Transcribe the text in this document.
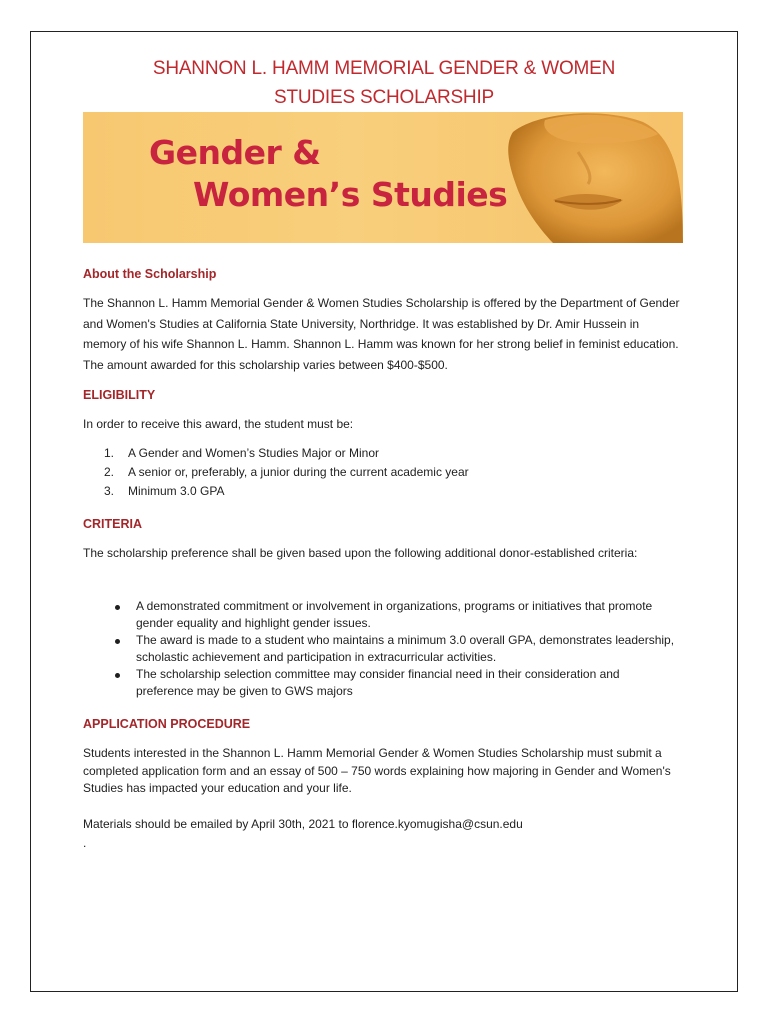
SHANNON L. HAMM MEMORIAL GENDER & WOMEN
STUDIES SCHOLARSHIP
Gender &
Women’s Studies
About the Scholarship
The Shannon L. Hamm Memorial Gender & Women Studies Scholarship is offered by the Department of Gender and Women's Studies at California State University, Northridge. It was established by Dr. Amir Hussein in memory of his wife Shannon L. Hamm. Shannon L. Hamm was known for her strong belief in feminist education. The amount awarded for this scholarship varies between $400-$500.
ELIGIBILITY
In order to receive this award, the student must be:
1.	A Gender and Women’s Studies Major or Minor
2.	A senior or, preferably, a junior during the current academic year
3.	Minimum 3.0 GPA
CRITERIA
The scholarship preference shall be given based upon the following additional donor-established criteria:
A demonstrated commitment or involvement in organizations, programs or initiatives that promote gender equality and highlight gender issues.
The award is made to a student who maintains a minimum 3.0 overall GPA, demonstrates leadership, scholastic achievement and participation in extracurricular activities.
The scholarship selection committee may consider financial need in their consideration and preference may be given to GWS majors
APPLICATION PROCEDURE
Students interested in the Shannon L. Hamm Memorial Gender & Women Studies Scholarship must submit a completed application form and an essay of 500 – 750 words explaining how majoring in Gender and Women's Studies has impacted your education and your life.
Materials should be emailed by April 30th, 2021 to florence.kyomugisha@csun.edu
.
